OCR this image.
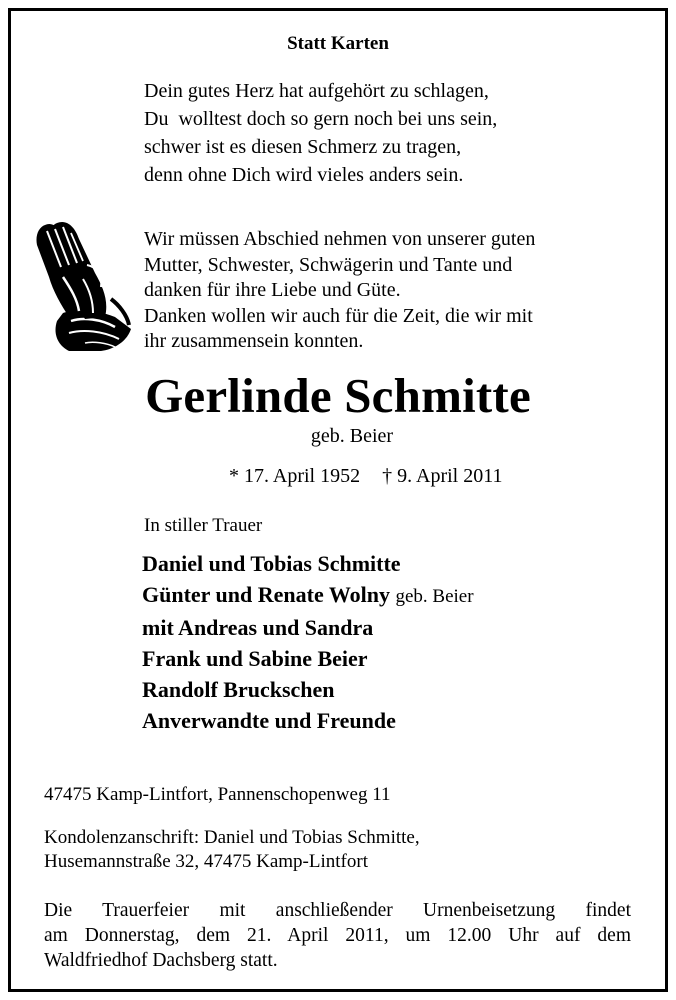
Statt Karten
Dein gutes Herz hat aufgehört zu schlagen,
Du  wolltest doch so gern noch bei uns sein,
schwer ist es diesen Schmerz zu tragen,
denn ohne Dich wird vieles anders sein.
Wir müssen Abschied nehmen von unserer guten
Mutter, Schwester, Schwägerin und Tante und
danken für ihre Liebe und Güte.
Danken wollen wir auch für die Zeit, die wir mit
ihr zusammensein konnten.
Gerlinde Schmitte
geb. Beier
* 17. April 1952 † 9. April 2011
In stiller Trauer
Daniel und Tobias Schmitte
Günter und Renate Wolny geb. Beier
mit Andreas und Sandra
Frank und Sabine Beier
Randolf Bruckschen
Anverwandte und Freunde
47475 Kamp-Lintfort, Pannenschopenweg 11
Kondolenzanschrift: Daniel und Tobias Schmitte,
Husemannstraße 32, 47475 Kamp-Lintfort
Die Trauerfeier mit anschließender Urnenbeisetzung findet
am Donnerstag, dem 21. April 2011, um 12.00 Uhr auf dem
Waldfriedhof Dachsberg statt.
